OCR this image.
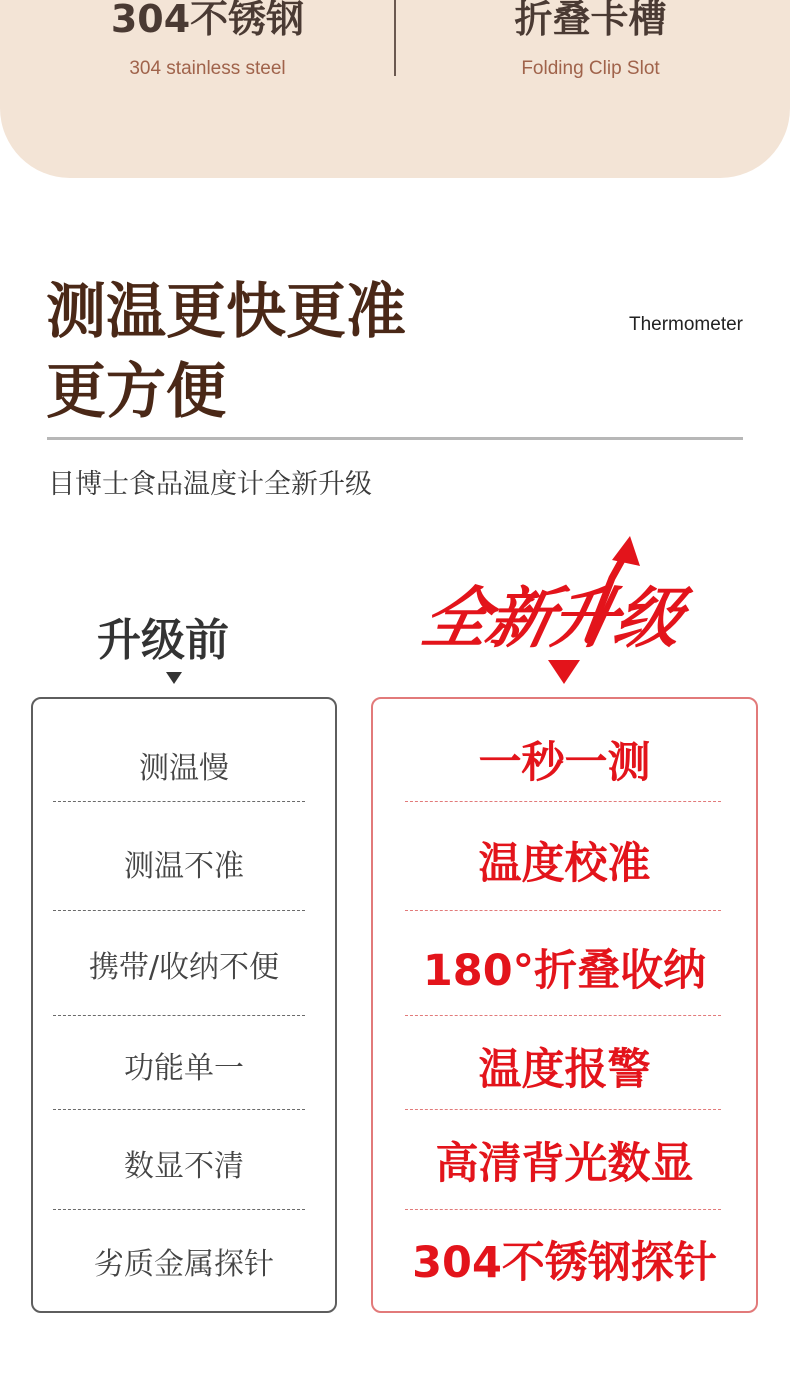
304不锈钢
304 stainless steel
折叠卡槽
Folding Clip Slot
测温更快更准
更方便
Thermometer
目博士食品温度计全新升级
升级前	全新升级
测温慢
测温不准
携带/收纳不便
功能单一
数显不清
劣质金属探针
一秒一测
温度校准
180°折叠收纳
温度报警
高清背光数显
304不锈钢探针
